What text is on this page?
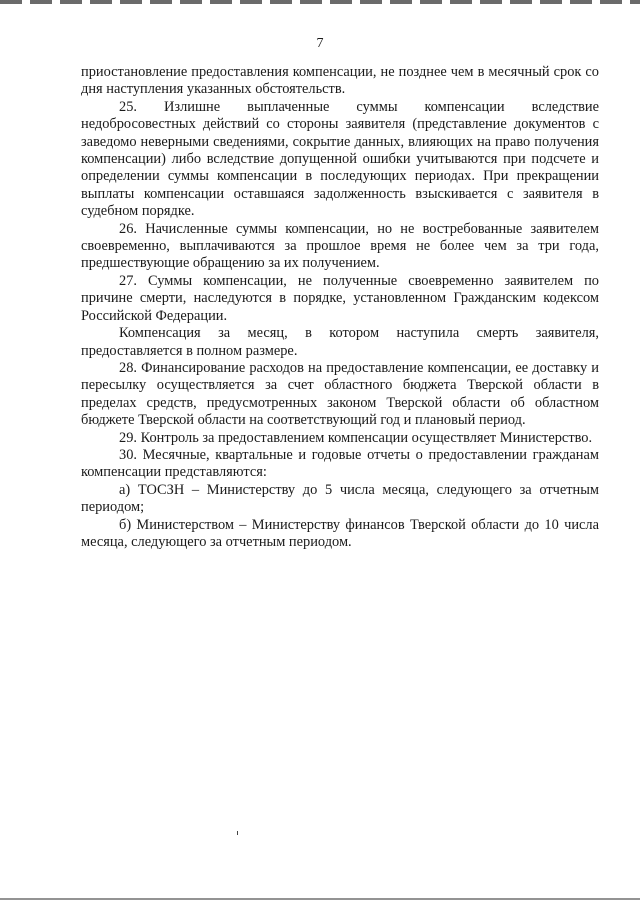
7

приостановление предоставления компенсации, не позднее чем в месячный срок со дня наступления указанных обстоятельств.

25. Излишне выплаченные суммы компенсации вследствие недобросовестных действий со стороны заявителя (представление документов с заведомо неверными сведениями, сокрытие данных, влияющих на право получения компенсации) либо вследствие допущенной ошибки учитываются при подсчете и определении суммы компенсации в последующих периодах. При прекращении выплаты компенсации оставшаяся задолженность взыскивается с заявителя в судебном порядке.

26. Начисленные суммы компенсации, но не востребованные заявителем своевременно, выплачиваются за прошлое время не более чем за три года, предшествующие обращению за их получением.

27. Суммы компенсации, не полученные своевременно заявителем по причине смерти, наследуются в порядке, установленном Гражданским кодексом Российской Федерации.

Компенсация за месяц, в котором наступила смерть заявителя, предоставляется в полном размере.

28. Финансирование расходов на предоставление компенсации, ее доставку и пересылку осуществляется за счет областного бюджета Тверской области в пределах средств, предусмотренных законом Тверской области об областном бюджете Тверской области на соответствующий год и плановый период.

29. Контроль за предоставлением компенсации осуществляет Министерство.

30. Месячные, квартальные и годовые отчеты о предоставлении гражданам компенсации представляются:

а) ТОСЗН – Министерству до 5 числа месяца, следующего за отчетным периодом;

б) Министерством – Министерству финансов Тверской области до 10 числа месяца, следующего за отчетным периодом.
